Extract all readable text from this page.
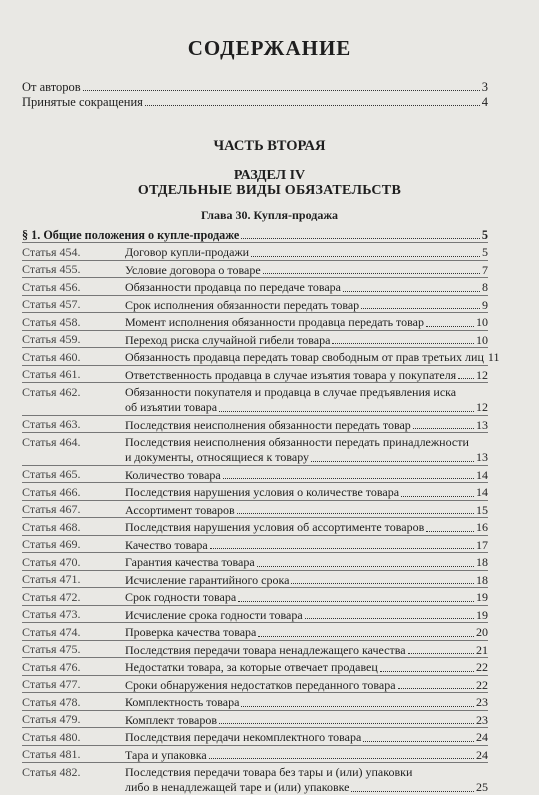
СОДЕРЖАНИЕ
От авторов	3
Принятые сокращения	4
ЧАСТЬ ВТОРАЯ
РАЗДЕЛ IV
ОТДЕЛЬНЫЕ ВИДЫ ОБЯЗАТЕЛЬСТВ
Глава 30. Купля-продажа
§ 1. Общие положения о купле-продаже	5
Статья 454.	Договор купли-продажи	5
Статья 455.	Условие договора о товаре	7
Статья 456.	Обязанности продавца по передаче товара	8
Статья 457.	Срок исполнения обязанности передать товар	9
Статья 458.	Момент исполнения обязанности продавца передать товар	10
Статья 459.	Переход риска случайной гибели товара	10
Статья 460.	Обязанность продавца передать товар свободным от прав третьих лиц 11
Статья 461.	Ответственность продавца в случае изъятия товара у покупателя 12
Статья 462.	Обязанности покупателя и продавца в случае предъявления иска
об изъятии товара	12
Статья 463.	Последствия неисполнения обязанности передать товар	13
Статья 464.	Последствия неисполнения обязанности передать принадлежности
и документы, относящиеся к товару	13
Статья 465.	Количество товара	14
Статья 466.	Последствия нарушения условия о количестве товара	14
Статья 467.	Ассортимент товаров	15
Статья 468.	Последствия нарушения условия об ассортименте товаров	16
Статья 469.	Качество товара	17
Статья 470.	Гарантия качества товара	18
Статья 471.	Исчисление гарантийного срока	18
Статья 472.	Срок годности товара	19
Статья 473.	Исчисление срока годности товара	19
Статья 474.	Проверка качества товара	20
Статья 475.	Последствия передачи товара ненадлежащего качества	21
Статья 476.	Недостатки товара, за которые отвечает продавец	22
Статья 477.	Сроки обнаружения недостатков переданного товара	22
Статья 478.	Комплектность товара	23
Статья 479.	Комплект товаров	23
Статья 480.	Последствия передачи некомплектного товара	24
Статья 481.	Тара и упаковка	24
Статья 482.	Последствия передачи товара без тары и (или) упаковки
либо в ненадлежащей таре и (или) упаковке	25
